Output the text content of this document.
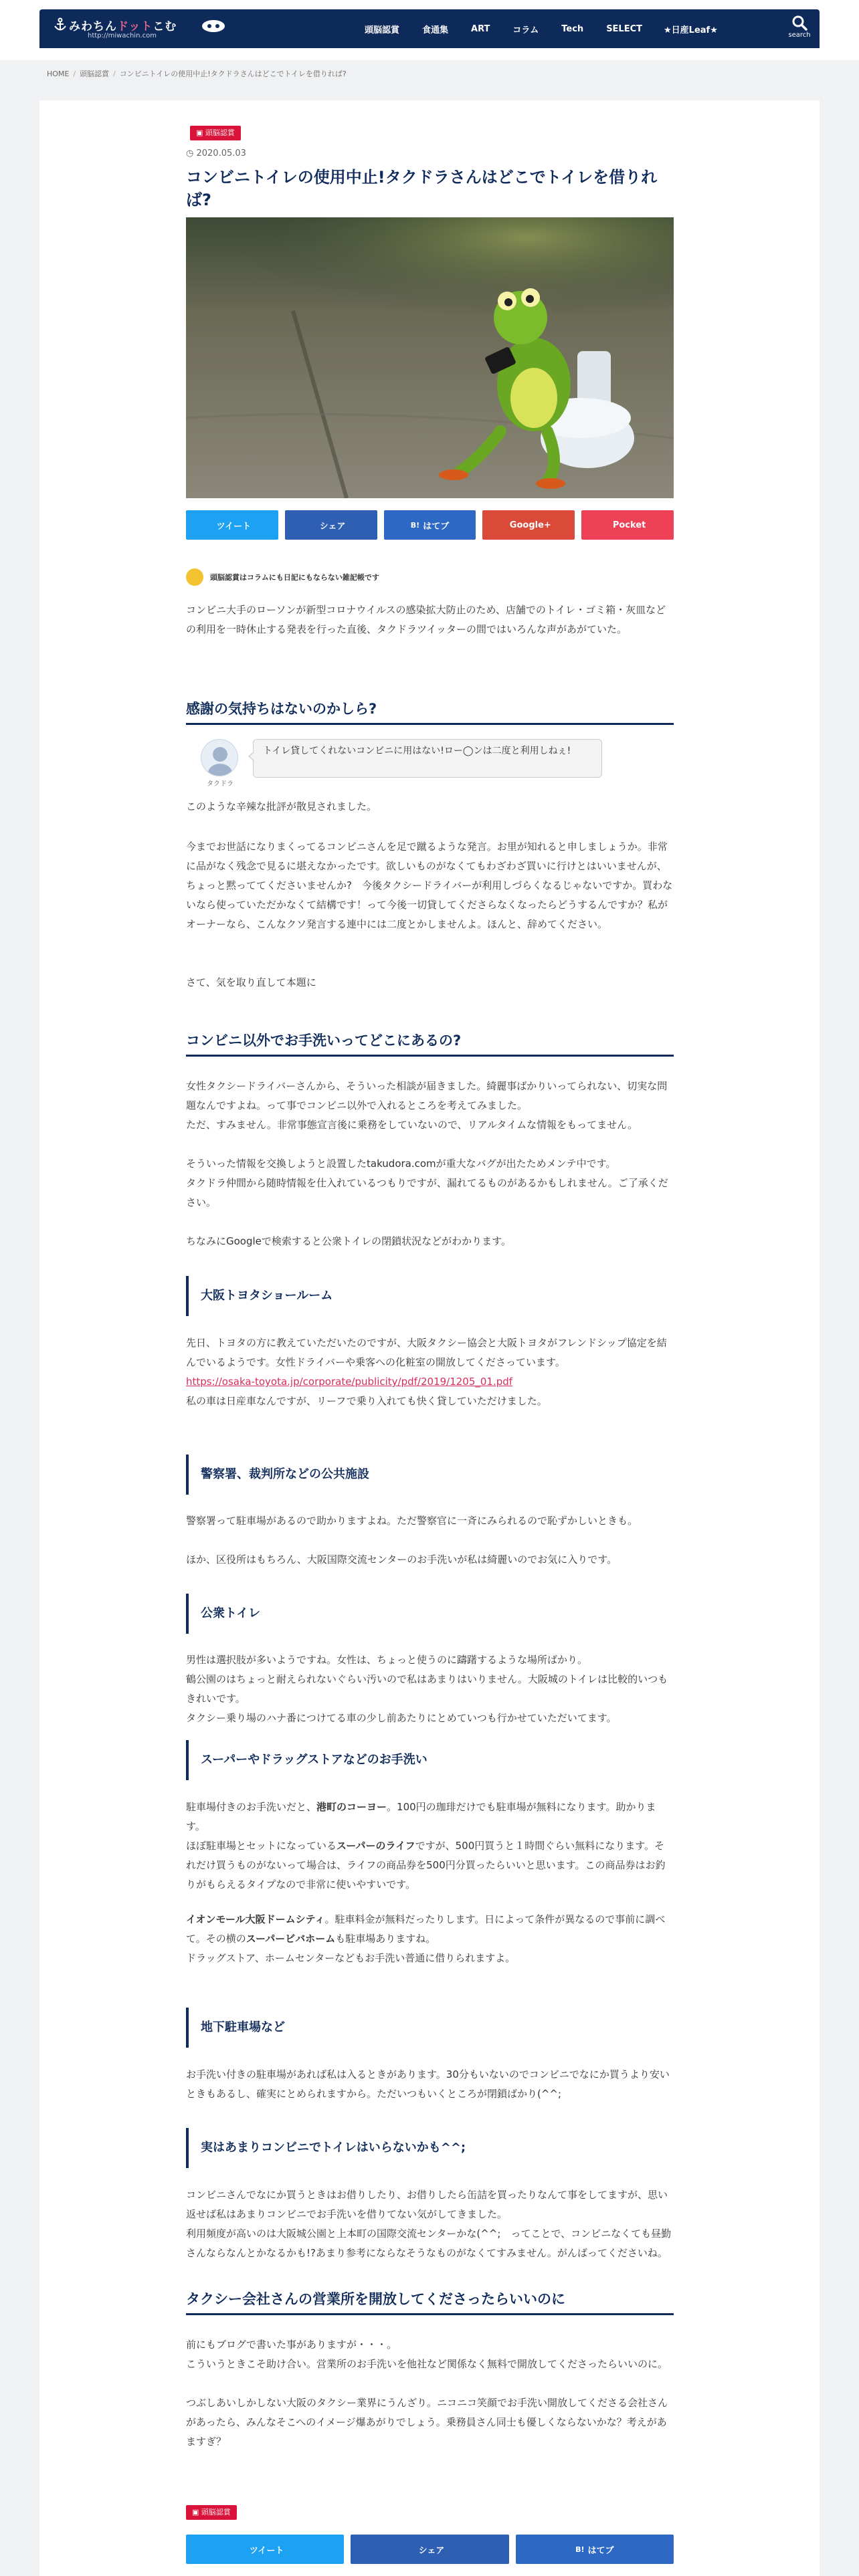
みわちんドットこむ
http://miwachin.com
頭脳認賞	食通集	ART	コラム	Tech	SELECT ★日産Leaf★	search
HOME / 頭脳認賞 / コンビニトイレの使用中止!タクドラさんはどこでトイレを借りれば?
▣ 頭脳認賞
◷ 2020.05.03
コンビニトイレの使用中止!タクドラさんはどこでトイレを借りれば?
ツイート	シェア	B! はてブ	Google+	Pocket
頭脳認賞はコラムにも日記にもならない雑記帳です

コンビニ大手のローソンが新型コロナウイルスの感染拡大防止のため、店舗でのトイレ・ゴミ箱・灰皿などの利用を一時休止する発表を行った直後、タクドラツイッターの間ではいろんな声があがていた。

感謝の気持ちはないのかしら?
タクドラ
トイレ貸してくれないコンビニに用はない!ロー◯ンは二度と利用しねぇ!

このような辛辣な批評が散見されました。

今までお世話になりまくってるコンビニさんを足で蹴るような発言。お里が知れると申しましょうか。非常に品がなく残念で見るに堪えなかったです。欲しいものがなくてもわざわざ買いに行けとはいいませんが、ちょっと黙っててくださいませんか?　今後タクシードライバーが利用しづらくなるじゃないですか。買わないなら使っていただかなくて結構です！って今後一切貸してくださらなくなったらどうするんですか？私がオーナーなら、こんなクソ発言する連中には二度とかしませんよ。ほんと、辞めてください。

さて、気を取り直して本題に

コンビニ以外でお手洗いってどこにあるの?

女性タクシードライバーさんから、そういった相談が届きました。綺麗事ばかりいってられない、切実な問題なんですよね。って事でコンビニ以外で入れるところを考えてみました。

ただ、すみません。非常事態宣言後に乗務をしていないので、リアルタイムな情報をもってません。

そういった情報を交換しようと設置したtakudora.comが重大なバグが出たためメンテ中です。

タクドラ仲間から随時情報を仕入れているつもりですが、漏れてるものがあるかもしれません。ご了承ください。

ちなみにGoogleで検索すると公衆トイレの閉鎖状況などがわかります。

大阪トヨタショールーム

先日、トヨタの方に教えていただいたのですが、大阪タクシー協会と大阪トヨタがフレンドシップ協定を結んでいるようです。女性ドライバーや乗客への化粧室の開放してくださっています。

https://osaka-toyota.jp/corporate/publicity/pdf/2019/1205_01.pdf

私の車は日産車なんですが、リーフで乗り入れても快く貸していただけました。

警察署、裁判所などの公共施設

警察署って駐車場があるので助かりますよね。ただ警察官に一斉にみられるので恥ずかしいときも。

ほか、区役所はもちろん、大阪国際交流センターのお手洗いが私は綺麗いのでお気に入りです。

公衆トイレ

男性は選択肢が多いようですね。女性は、ちょっと使うのに躊躇するような場所ばかり。

鶴公園のはちょっと耐えられないぐらい汚いので私はあまりはいりません。大阪城のトイレは比較的いつもきれいです。

タクシー乗り場のハナ番につけてる車の少し前あたりにとめていつも行かせていただいてます。

スーパーやドラッグストアなどのお手洗い

駐車場付きのお手洗いだと、港町のコーヨー。100円の珈琲だけでも駐車場が無料になります。助かります。

ほぼ駐車場とセットになっているスーパーのライフですが、500円買うと１時間ぐらい無料になります。それだけ買うものがないって場合は、ライフの商品券を500円分買ったらいいと思います。この商品券はお釣りがもらえるタイプなので非常に使いやすいです。

イオンモール大阪ドームシティ。駐車料金が無料だったりします。日によって条件が異なるので事前に調べて。その横のスーパービバホームも駐車場ありますね。

ドラッグストア、ホームセンターなどもお手洗い普通に借りられますよ。

地下駐車場など

お手洗い付きの駐車場があれば私は入るときがあります。30分もいないのでコンビニでなにか買うより安いときもあるし、確実にとめられますから。ただいつもいくところが閉鎖ばかり(^^;

実はあまりコンビニでトイレはいらないかも^^;

コンビニさんでなにか買うときはお借りしたり、お借りしたら缶詰を買ったりなんて事をしてますが、思い返せば私はあまりコンビニでお手洗いを借りてない気がしてきました。

利用頻度が高いのは大阪城公園と上本町の国際交流センターかな(^^;　ってことで、コンビニなくても昼勤さんならなんとかなるかも!?あまり参考にならなそうなものがなくてすみません。がんばってくださいね。

タクシー会社さんの営業所を開放してくださったらいいのに

前にもブログで書いた事がありますが・・・。

こういうときこそ助け合い。営業所のお手洗いを他社など関係なく無料で開放してくださったらいいのに。

つぶしあいしかしない大阪のタクシー業界にうんざり。ニコニコ笑顔でお手洗い開放してくださる会社さんがあったら、みんなそこへのイメージ爆あがりでしょう。乗務員さん同士も優しくならないかな？考えがあますぎ？

▣ 頭脳認賞
ツイート	シェア	B! はてブ
